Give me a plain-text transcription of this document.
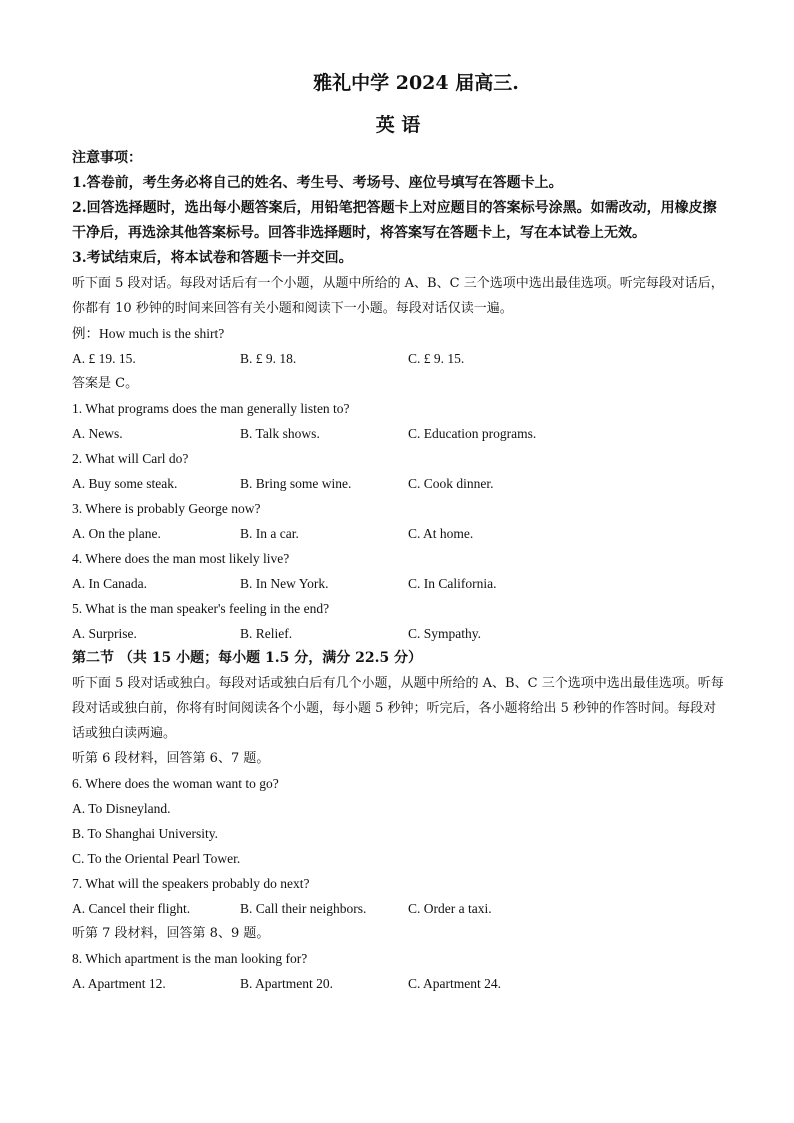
雅礼中学 2024 届高三.
英 语

注意事项：

1.答卷前，考生务必将自己的姓名、考生号、考场号、座位号填写在答题卡上。

2.回答选择题时，选出每小题答案后，用铅笔把答题卡上对应题目的答案标号涂黑。如需改动，用橡皮擦干净后，再选涂其他答案标号。回答非选择题时，将答案写在答题卡上，写在本试卷上无效。

3.考试结束后，将本试卷和答题卡一并交回。

听下面 5 段对话。每段对话后有一个小题，从题中所给的 A、B、C 三个选项中选出最佳选项。听完每段对话后，你都有 10 秒钟的时间来回答有关小题和阅读下一小题。每段对话仅读一遍。

例：How much is the shirt?

A. £ 19. 15.	B. £ 9. 18.	C. £ 9. 15.

答案是 C。

1. What programs does the man generally listen to?

A. News.	B. Talk shows.	C. Education programs.

2. What will Carl do?

A. Buy some steak.	B. Bring some wine.	C. Cook dinner.

3. Where is probably George now?

A. On the plane.	B. In a car.	C. At home.

4. Where does the man most likely live?

A. In Canada.	B. In New York.	C. In California.

5. What is the man speaker's feeling in the end?

A. Surprise.	B. Relief.	C. Sympathy.

第二节 （共 15 小题；每小题 1.5 分，满分 22.5 分）

听下面 5 段对话或独白。每段对话或独白后有几个小题，从题中所给的 A、B、C 三个选项中选出最佳选项。听每段对话或独白前，你将有时间阅读各个小题，每小题 5 秒钟；听完后，各小题将给出 5 秒钟的作答时间。每段对话或独白读两遍。

听第 6 段材料，回答第 6、7 题。

6. Where does the woman want to go?

A. To Disneyland.

B. To Shanghai University.

C. To the Oriental Pearl Tower.

7. What will the speakers probably do next?

A. Cancel their flight.	B. Call their neighbors.	C. Order a taxi.

听第 7 段材料，回答第 8、9 题。

8. Which apartment is the man looking for?

A. Apartment 12.	B. Apartment 20.	C. Apartment 24.
